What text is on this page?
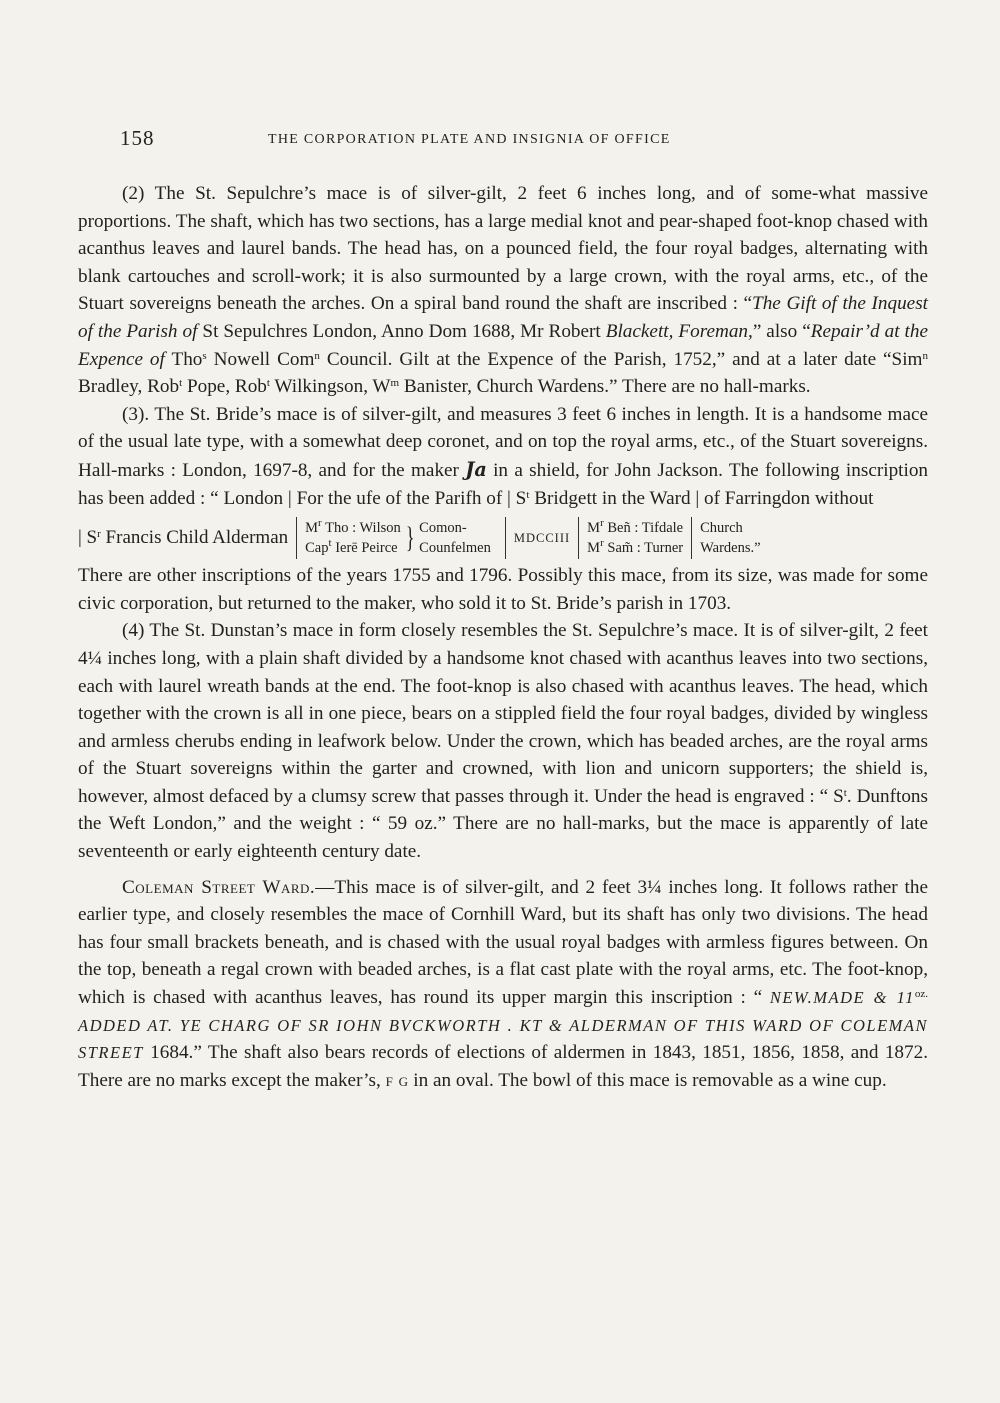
158	THE CORPORATION PLATE AND INSIGNIA OF OFFICE

(2) The St. Sepulchre’s mace is of silver-gilt, 2 feet 6 inches long, and of some-what massive proportions. The shaft, which has two sections, has a large medial knot and pear-shaped foot-knop chased with acanthus leaves and laurel bands. The head has, on a pounced field, the four royal badges, alternating with blank cartouches and scroll-work; it is also surmounted by a large crown, with the royal arms, etc., of the Stuart sovereigns beneath the arches. On a spiral band round the shaft are inscribed : “The Gift of the Inquest of the Parish of St Sepulchres London, Anno Dom 1688, Mr Robert Blackett, Foreman,” also “Repair’d at the Expence of Tho$^s$ Nowell Com$^n$ Council. Gilt at the Expence of the Parish, 1752,” and at a later date “Sim$^n$ Bradley, Rob$^t$ Pope, Rob$^t$ Wilkingson, $W^m$ Banister, Church Wardens.” There are no hall-marks.

(3). The St. Bride’s mace is of silver-gilt, and measures 3 feet 6 inches in length. It is a handsome mace of the usual late type, with a somewhat deep coronet, and on top the royal arms, etc., of the Stuart sovereigns. Hall-marks : London, 1697-8, and for the maker Ja in a shield, for John Jackson. The following inscription has been added : “ London | For the ufe of the Parifh of | $S^t$ Bridgett in the Ward | of Farringdon without

| $S^r$ Francis Child Alderman $M^r$ Tho : Wilson
Cap$^t$ Ierē Peirce } Comon-
Counfelmen
MDCCIII
$M^r$ Beñ : Tifdale
$M^r$ Sam̃ : Turner
Church
Wardens.”

There are other inscriptions of the years 1755 and 1796. Possibly this mace, from its size, was made for some civic corporation, but returned to the maker, who sold it to St. Bride’s parish in 1703.

(4) The St. Dunstan’s mace in form closely resembles the St. Sepulchre’s mace. It is of silver-gilt, 2 feet 4¼ inches long, with a plain shaft divided by a handsome knot chased with acanthus leaves into two sections, each with laurel wreath bands at the end. The foot-knop is also chased with acanthus leaves. The head, which together with the crown is all in one piece, bears on a stippled field the four royal badges, divided by wingless and armless cherubs ending in leafwork below. Under the crown, which has beaded arches, are the royal arms of the Stuart sovereigns within the garter and crowned, with lion and unicorn supporters; the shield is, however, almost defaced by a clumsy screw that passes through it. Under the head is engraved : “ $S^t$. Dunftons the Weft London,” and the weight : “ 59 oz.” There are no hall-marks, but the mace is apparently of late seventeenth or early eighteenth century date.

Coleman Street Ward.—This mace is of silver-gilt, and 2 feet 3¼ inches long. It follows rather the earlier type, and closely resembles the mace of Cornhill Ward, but its shaft has only two divisions. The head has four small brackets beneath, and is chased with the usual royal badges with armless figures between. On the top, beneath a regal crown with beaded arches, is a flat cast plate with the royal arms, etc. The foot-knop, which is chased with acanthus leaves, has round its upper margin this inscription : “ NEW.MADE & $11^{oz.}$ ADDED AT. YE CHARG OF SR IOHN BVCKWORTH . KT & ALDERMAN OF THIS WARD OF COLEMAN STREET 1684.” The shaft also bears records of elections of aldermen in 1843, 1851, 1856, 1858, and 1872. There are no marks except the maker’s, f g in an oval. The bowl of this mace is removable as a wine cup.
